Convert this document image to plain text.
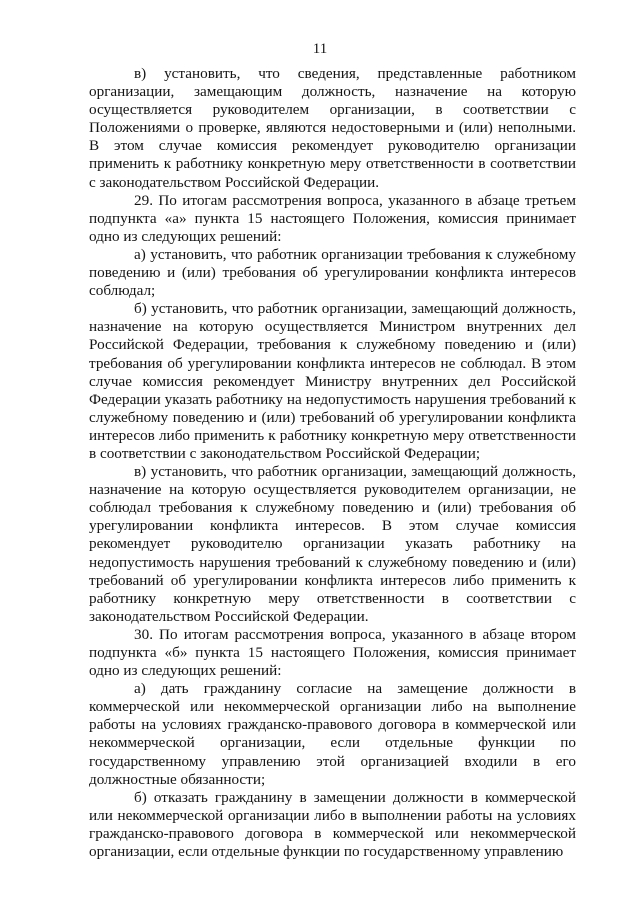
11

в) установить, что сведения, представленные работником организации, замещающим должность, назначение на которую осуществляется руководителем организации, в соответствии с Положениями о проверке, являются недостоверными и (или) неполными. В этом случае комиссия рекомендует руководителю организации применить к работнику конкретную меру ответственности в соответствии с законодательством Российской Федерации.

29. По итогам рассмотрения вопроса, указанного в абзаце третьем подпункта «а» пункта 15 настоящего Положения, комиссия принимает одно из следующих решений:

а) установить, что работник организации требования к служебному поведению и (или) требования об урегулировании конфликта интересов соблюдал;

б) установить, что работник организации, замещающий должность, назначение на которую осуществляется Министром внутренних дел Российской Федерации, требования к служебному поведению и (или) требования об урегулировании конфликта интересов не соблюдал. В этом случае комиссия рекомендует Министру внутренних дел Российской Федерации указать работнику на недопустимость нарушения требований к служебному поведению и (или) требований об урегулировании конфликта интересов либо применить к работнику конкретную меру ответственности в соответствии с законодательством Российской Федерации;

в) установить, что работник организации, замещающий должность, назначение на которую осуществляется руководителем организации, не соблюдал требования к служебному поведению и (или) требования об урегулировании конфликта интересов. В этом случае комиссия рекомендует руководителю организации указать работнику на недопустимость нарушения требований к служебному поведению и (или) требований об урегулировании конфликта интересов либо применить к работнику конкретную меру ответственности в соответствии с законодательством Российской Федерации.

30. По итогам рассмотрения вопроса, указанного в абзаце втором подпункта «б» пункта 15 настоящего Положения, комиссия принимает одно из следующих решений:

а) дать гражданину согласие на замещение должности в коммерческой или некоммерческой организации либо на выполнение работы на условиях гражданско-правового договора в коммерческой или некоммерческой организации, если отдельные функции по государственному управлению этой организацией входили в его должностные обязанности;

б) отказать гражданину в замещении должности в коммерческой или некоммерческой организации либо в выполнении работы на условиях гражданско-правового договора в коммерческой или некоммерческой организации, если отдельные функции по государственному управлению
